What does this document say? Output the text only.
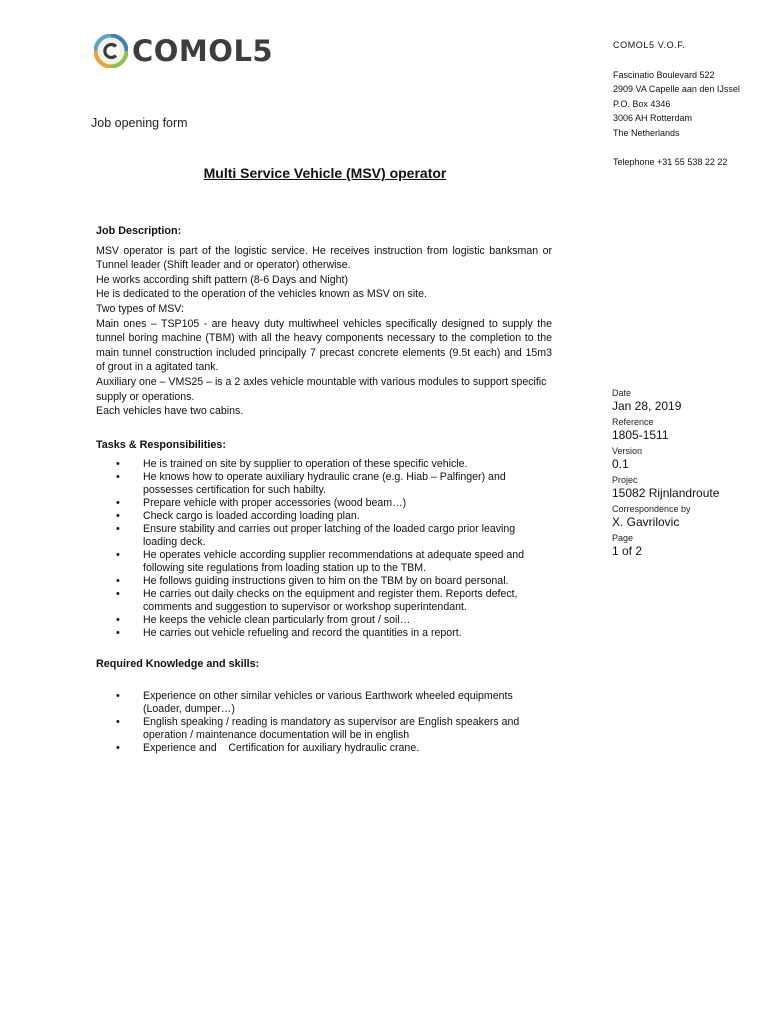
COMOL5	COMOL5 V.O.F.
Fascinatio Boulevard 522
2909 VA Capelle aan den IJssel
P.O. Box 4346
3006 AH Rotterdam
The Netherlands
Telephone +31 55 538 22 22
Job opening form
Multi Service Vehicle (MSV) operator

Job Description:

MSV operator is part of the logistic service. He receives instruction from logistic banksman or Tunnel leader (Shift leader and or operator) otherwise.

He works according shift pattern (8-6 Days and Night)

He is dedicated to the operation of the vehicles known as MSV on site.

Two types of MSV:

Main ones – TSP105 - are heavy duty multiwheel vehicles specifically designed to supply the tunnel boring machine (TBM) with all the heavy components necessary to the completion to the main tunnel construction included principally 7 precast concrete elements (9.5t each) and 15m3 of grout in a agitated tank.

Auxiliary one – VMS25 – is a 2 axles vehicle mountable with various modules to support specific supply or operations.

Each vehicles have two cabins.

Tasks & Responsibilities:

• He is trained on site by supplier to operation of these specific vehicle.
• He knows how to operate auxiliary hydraulic crane (e.g. Hiab – Palfinger) and possesses certification for such habilty.
• Prepare vehicle with proper accessories (wood beam…)
• Check cargo is loaded according loading plan.
• Ensure stability and carries out proper latching of the loaded cargo prior leaving loading deck.
• He operates vehicle according supplier recommendations at adequate speed and following site regulations from loading station up to the TBM.
• He follows guiding instructions given to him on the TBM by on board personal.
• He carries out daily checks on the equipment and register them. Reports defect, comments and suggestion to supervisor or workshop superintendant.
• He keeps the vehicle clean particularly from grout / soil…
• He carries out vehicle refueling and record the quantities in a report.

Required Knowledge and skills:

• Experience on other similar vehicles or various Earthwork wheeled equipments (Loader, dumper…)
• English speaking / reading is mandatory as supervisor are English speakers and operation / maintenance documentation will be in english
• Experience and    Certification for auxiliary hydraulic crane.
Date
Jan 28, 2019
Reference
1805-1511
Version
0.1
Projec
15082 Rijnlandroute
Correspondence by
X. Gavrilovic
Page
1 of 2
